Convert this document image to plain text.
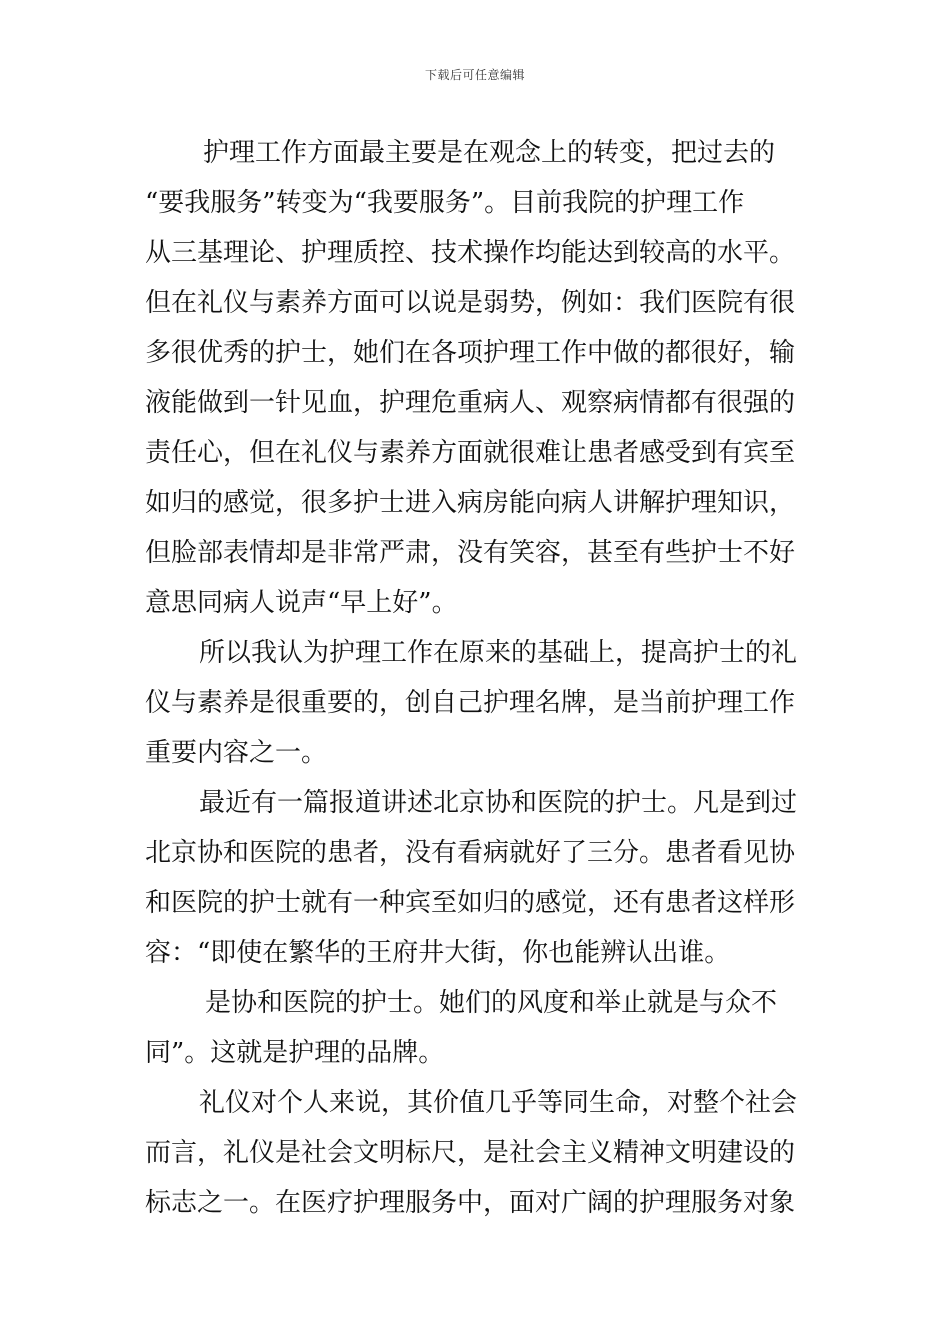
下载后可任意编辑
护理工作方面最主要是在观念上的转变，把过去的
“要我服务”转变为“我要服务”。目前我院的护理工作
从三基理论、护理质控、技术操作均能达到较高的水平。
但在礼仪与素养方面可以说是弱势，例如：我们医院有很
多很优秀的护士，她们在各项护理工作中做的都很好，输
液能做到一针见血，护理危重病人、观察病情都有很强的
责任心，但在礼仪与素养方面就很难让患者感受到有宾至
如归的感觉，很多护士进入病房能向病人讲解护理知识，
但脸部表情却是非常严肃，没有笑容，甚至有些护士不好
意思同病人说声“早上好”。
所以我认为护理工作在原来的基础上，提高护士的礼
仪与素养是很重要的，创自己护理名牌，是当前护理工作
重要内容之一。
最近有一篇报道讲述北京协和医院的护士。凡是到过
北京协和医院的患者，没有看病就好了三分。患者看见协
和医院的护士就有一种宾至如归的感觉，还有患者这样形
容：“即使在繁华的王府井大街，你也能辨认出谁。
是协和医院的护士。她们的风度和举止就是与众不
同”。这就是护理的品牌。
礼仪对个人来说，其价值几乎等同生命，对整个社会
而言，礼仪是社会文明标尺，是社会主义精神文明建设的
标志之一。在医疗护理服务中，面对广阔的护理服务对象
